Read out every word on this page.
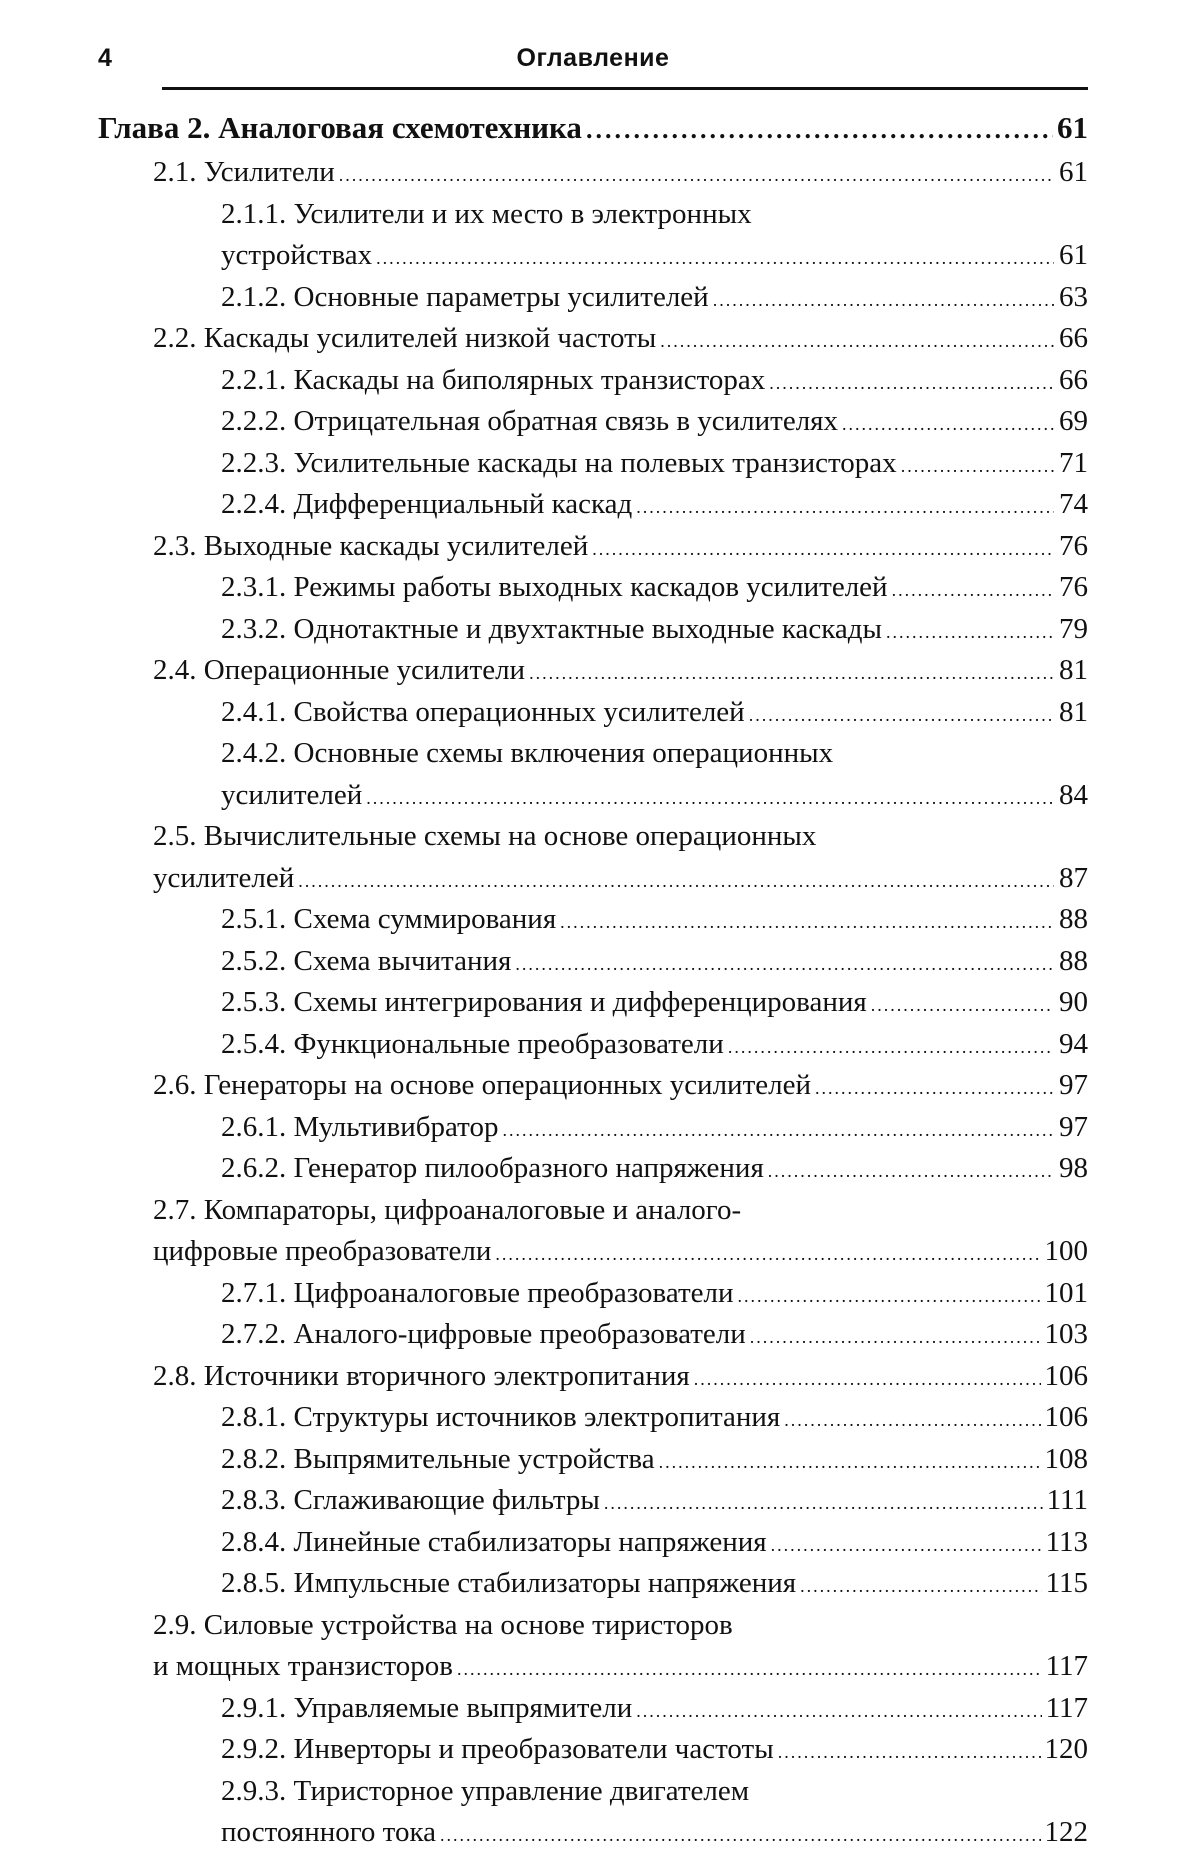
4	Оглавление
Глава 2. Аналоговая схемотехника
.....	61
2.1. Усилители
.....	61
2.1.1. Усилители и их место в электронных
устройствах
.....	61
2.1.2. Основные параметры усилителей
.....	63
2.2. Каскады усилителей низкой частоты
.....	66
2.2.1. Каскады на биполярных транзисторах
.....	66
2.2.2. Отрицательная обратная связь в усилителях
.....	69
2.2.3. Усилительные каскады на полевых транзисторах
.....	71
2.2.4. Дифференциальный каскад
.....	74
2.3. Выходные каскады усилителей
.....	76
2.3.1. Режимы работы выходных каскадов усилителей
.....	76
2.3.2. Однотактные и двухтактные выходные каскады
.....	79
2.4. Операционные усилители
.....	81
2.4.1. Свойства операционных усилителей
.....	81
2.4.2. Основные схемы включения операционных
усилителей
.....	84
2.5. Вычислительные схемы на основе операционных
усилителей
.....	87
2.5.1. Схема суммирования
.....	88
2.5.2. Схема вычитания
.....	88
2.5.3. Схемы интегрирования и дифференцирования
.....	90
2.5.4. Функциональные преобразователи
.....	94
2.6. Генераторы на основе операционных усилителей
.....	97
2.6.1. Мультивибратор
.....	97
2.6.2. Генератор пилообразного напряжения
.....	98
2.7. Компараторы, цифроаналоговые и аналого-
цифровые преобразователи
.....	100
2.7.1. Цифроаналоговые преобразователи
.....	101
2.7.2. Аналого-цифровые преобразователи
.....	103
2.8. Источники вторичного электропитания
.....	106
2.8.1. Структуры источников электропитания
.....	106
2.8.2. Выпрямительные устройства
.....	108
2.8.3. Сглаживающие фильтры
.....	111
2.8.4. Линейные стабилизаторы напряжения
.....	113
2.8.5. Импульсные стабилизаторы напряжения
.....	115
2.9. Силовые устройства на основе тиристоров
и мощных транзисторов
.....	117
2.9.1. Управляемые выпрямители
.....	117
2.9.2. Инверторы и преобразователи частоты
.....	120
2.9.3. Тиристорное управление двигателем
постоянного тока
.....	122
